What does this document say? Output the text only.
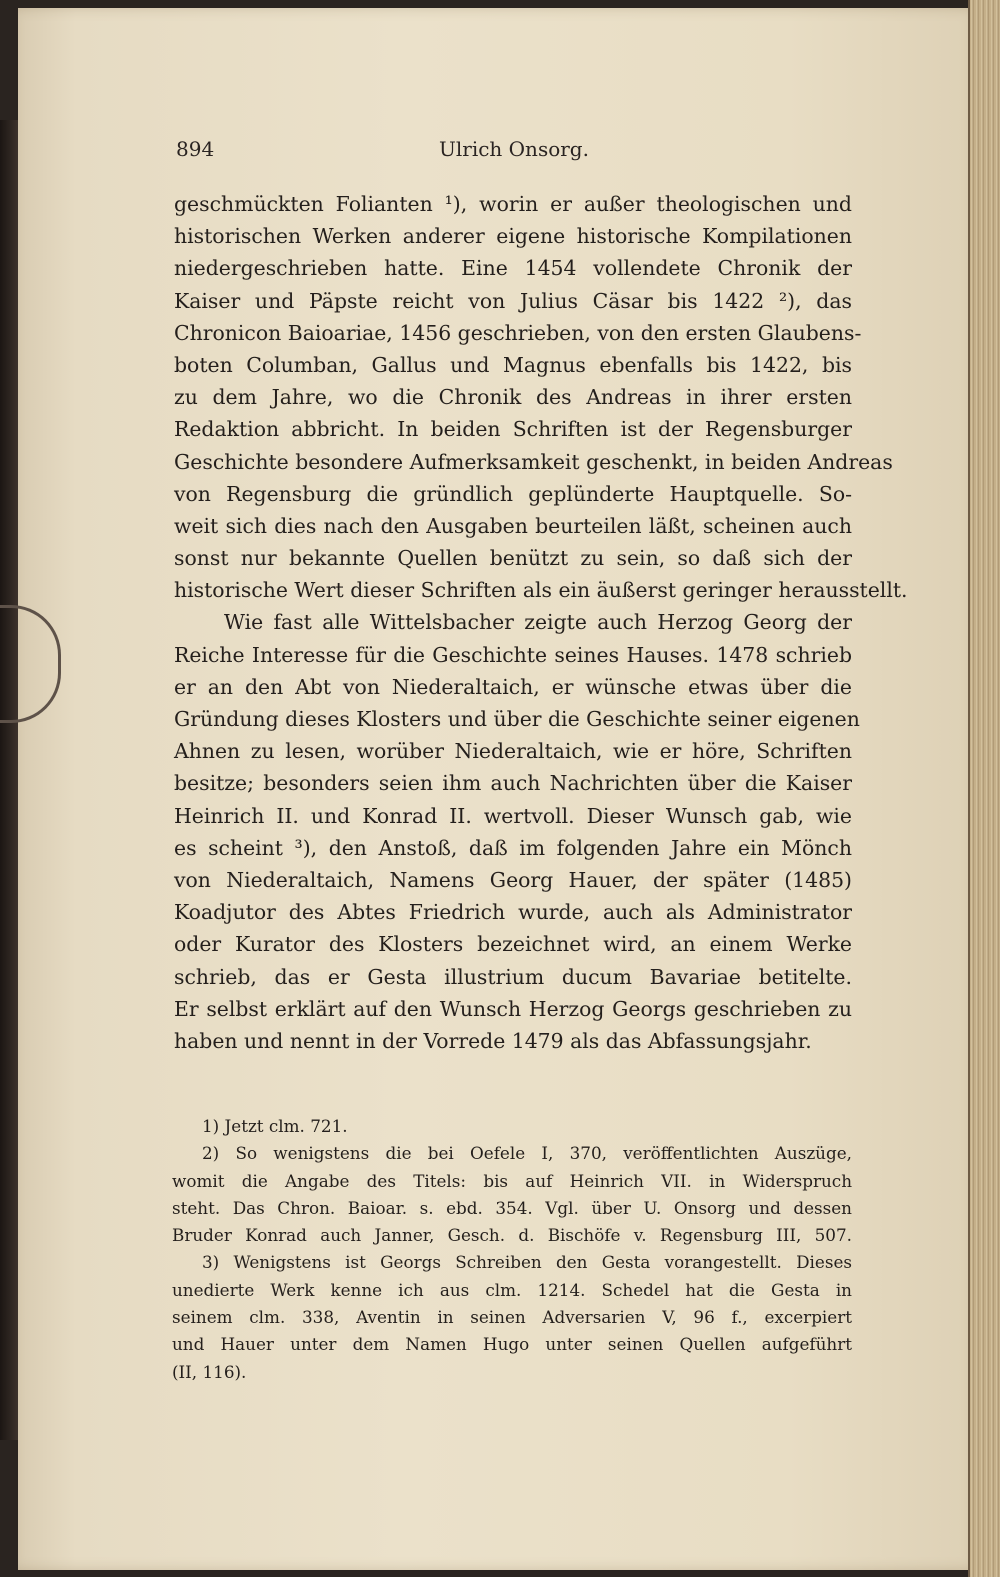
894	Ulrich Onsorg.
geschmückten Folianten ¹), worin er außer theologischen und
historischen Werken anderer eigene historische Kompilationen
niedergeschrieben hatte. Eine 1454 vollendete Chronik der
Kaiser und Päpste reicht von Julius Cäsar bis 1422 ²), das
Chronicon Baioariae, 1456 geschrieben, von den ersten Glaubens-
boten Columban, Gallus und Magnus ebenfalls bis 1422, bis
zu dem Jahre, wo die Chronik des Andreas in ihrer ersten
Redaktion abbricht. In beiden Schriften ist der Regensburger
Geschichte besondere Aufmerksamkeit geschenkt, in beiden Andreas
von Regensburg die gründlich geplünderte Hauptquelle. So-
weit sich dies nach den Ausgaben beurteilen läßt, scheinen auch
sonst nur bekannte Quellen benützt zu sein, so daß sich der
historische Wert dieser Schriften als ein äußerst geringer herausstellt.
Wie fast alle Wittelsbacher zeigte auch Herzog Georg der
Reiche Interesse für die Geschichte seines Hauses. 1478 schrieb
er an den Abt von Niederaltaich, er wünsche etwas über die
Gründung dieses Klosters und über die Geschichte seiner eigenen
Ahnen zu lesen, worüber Niederaltaich, wie er höre, Schriften
besitze; besonders seien ihm auch Nachrichten über die Kaiser
Heinrich II. und Konrad II. wertvoll. Dieser Wunsch gab, wie
es scheint ³), den Anstoß, daß im folgenden Jahre ein Mönch
von Niederaltaich, Namens Georg Hauer, der später (1485)
Koadjutor des Abtes Friedrich wurde, auch als Administrator
oder Kurator des Klosters bezeichnet wird, an einem Werke
schrieb, das er Gesta illustrium ducum Bavariae betitelte.
Er selbst erklärt auf den Wunsch Herzog Georgs geschrieben zu
haben und nennt in der Vorrede 1479 als das Abfassungsjahr.
1) Jetzt clm. 721.
2) So wenigstens die bei Oefele I, 370, veröffentlichten Auszüge,
womit die Angabe des Titels: bis auf Heinrich VII. in Widerspruch
steht. Das Chron. Baioar. s. ebd. 354. Vgl. über U. Onsorg und dessen
Bruder Konrad auch Janner, Gesch. d. Bischöfe v. Regensburg III, 507.
3) Wenigstens ist Georgs Schreiben den Gesta vorangestellt. Dieses
unedierte Werk kenne ich aus clm. 1214. Schedel hat die Gesta in
seinem clm. 338, Aventin in seinen Adversarien V, 96 f., excerpiert
und Hauer unter dem Namen Hugo unter seinen Quellen aufgeführt
(II, 116).
